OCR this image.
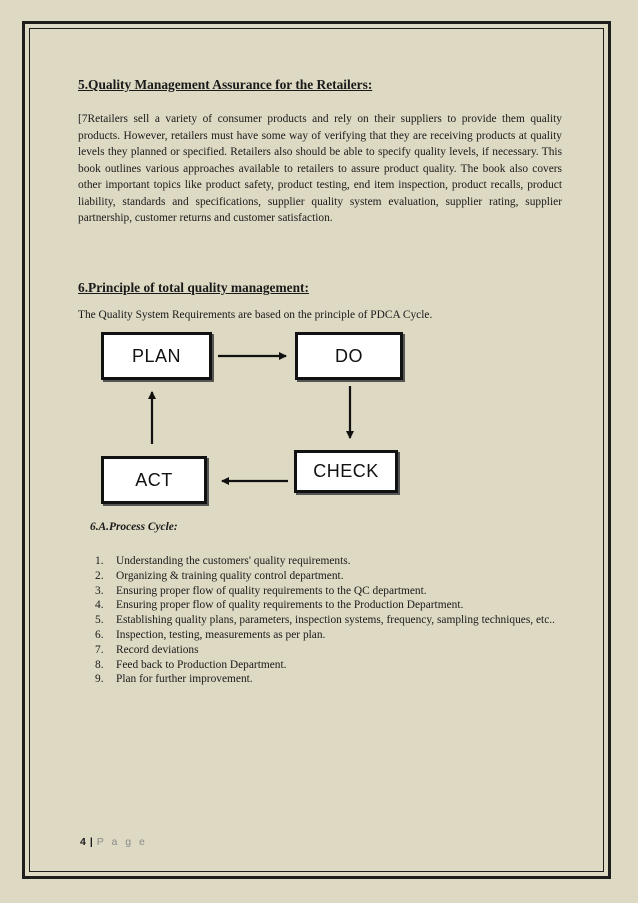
5.Quality Management Assurance for the Retailers:

[7Retailers sell a variety of consumer products and rely on their suppliers to provide them quality products. However, retailers must have some way of verifying that they are receiving products at quality levels they planned or specified. Retailers also should be able to specify quality levels, if necessary. This book outlines various approaches available to retailers to assure product quality. The book also covers other important topics like product safety, product testing, end item inspection, product recalls, product liability, standards and specifications, supplier quality system evaluation, supplier rating, supplier partnership, customer returns and customer satisfaction.

6.Principle of total quality management:
The Quality System Requirements are based on the principle of PDCA Cycle.
PLAN	DO
CHECK
ACT
6.A.Process Cycle:
1. Understanding the customers' quality requirements.
2. Organizing & training quality control department.
3. Ensuring proper flow of quality requirements to the QC department.
4. Ensuring proper flow of quality requirements to the Production Department.
5. Establishing quality plans, parameters, inspection systems, frequency, sampling techniques, etc..
6. Inspection, testing, measurements as per plan.
7. Record deviations
8. Feed back to Production Department.
9. Plan for further improvement.
4 | P a g e
